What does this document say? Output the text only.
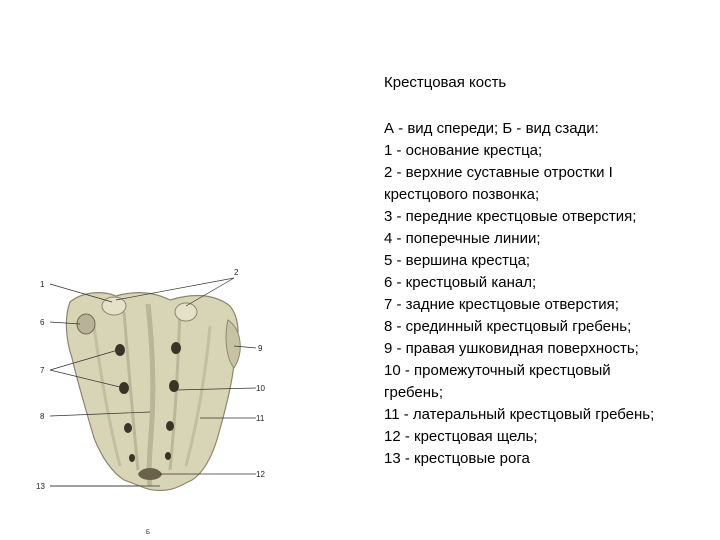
Крестцовая кость
А - вид спереди; Б - вид сзади:
1 - основание крестца;
2 - верхние суставные отростки I
крестцового позвонка;
3 - передние крестцовые отверстия;
4 - поперечные линии;
5 - вершина крестца;
6 - крестцовый канал;
7 - задние крестцовые отверстия;
8 - срединный крестцовый гребень;
9 - правая ушковидная поверхность;
10 - промежуточный крестцовый
гребень;
11 - латеральный крестцовый гребень;
12 - крестцовая щель;
13 - крестцовые рога
1
2
6
7
8
9
10
11
12
13
Б
